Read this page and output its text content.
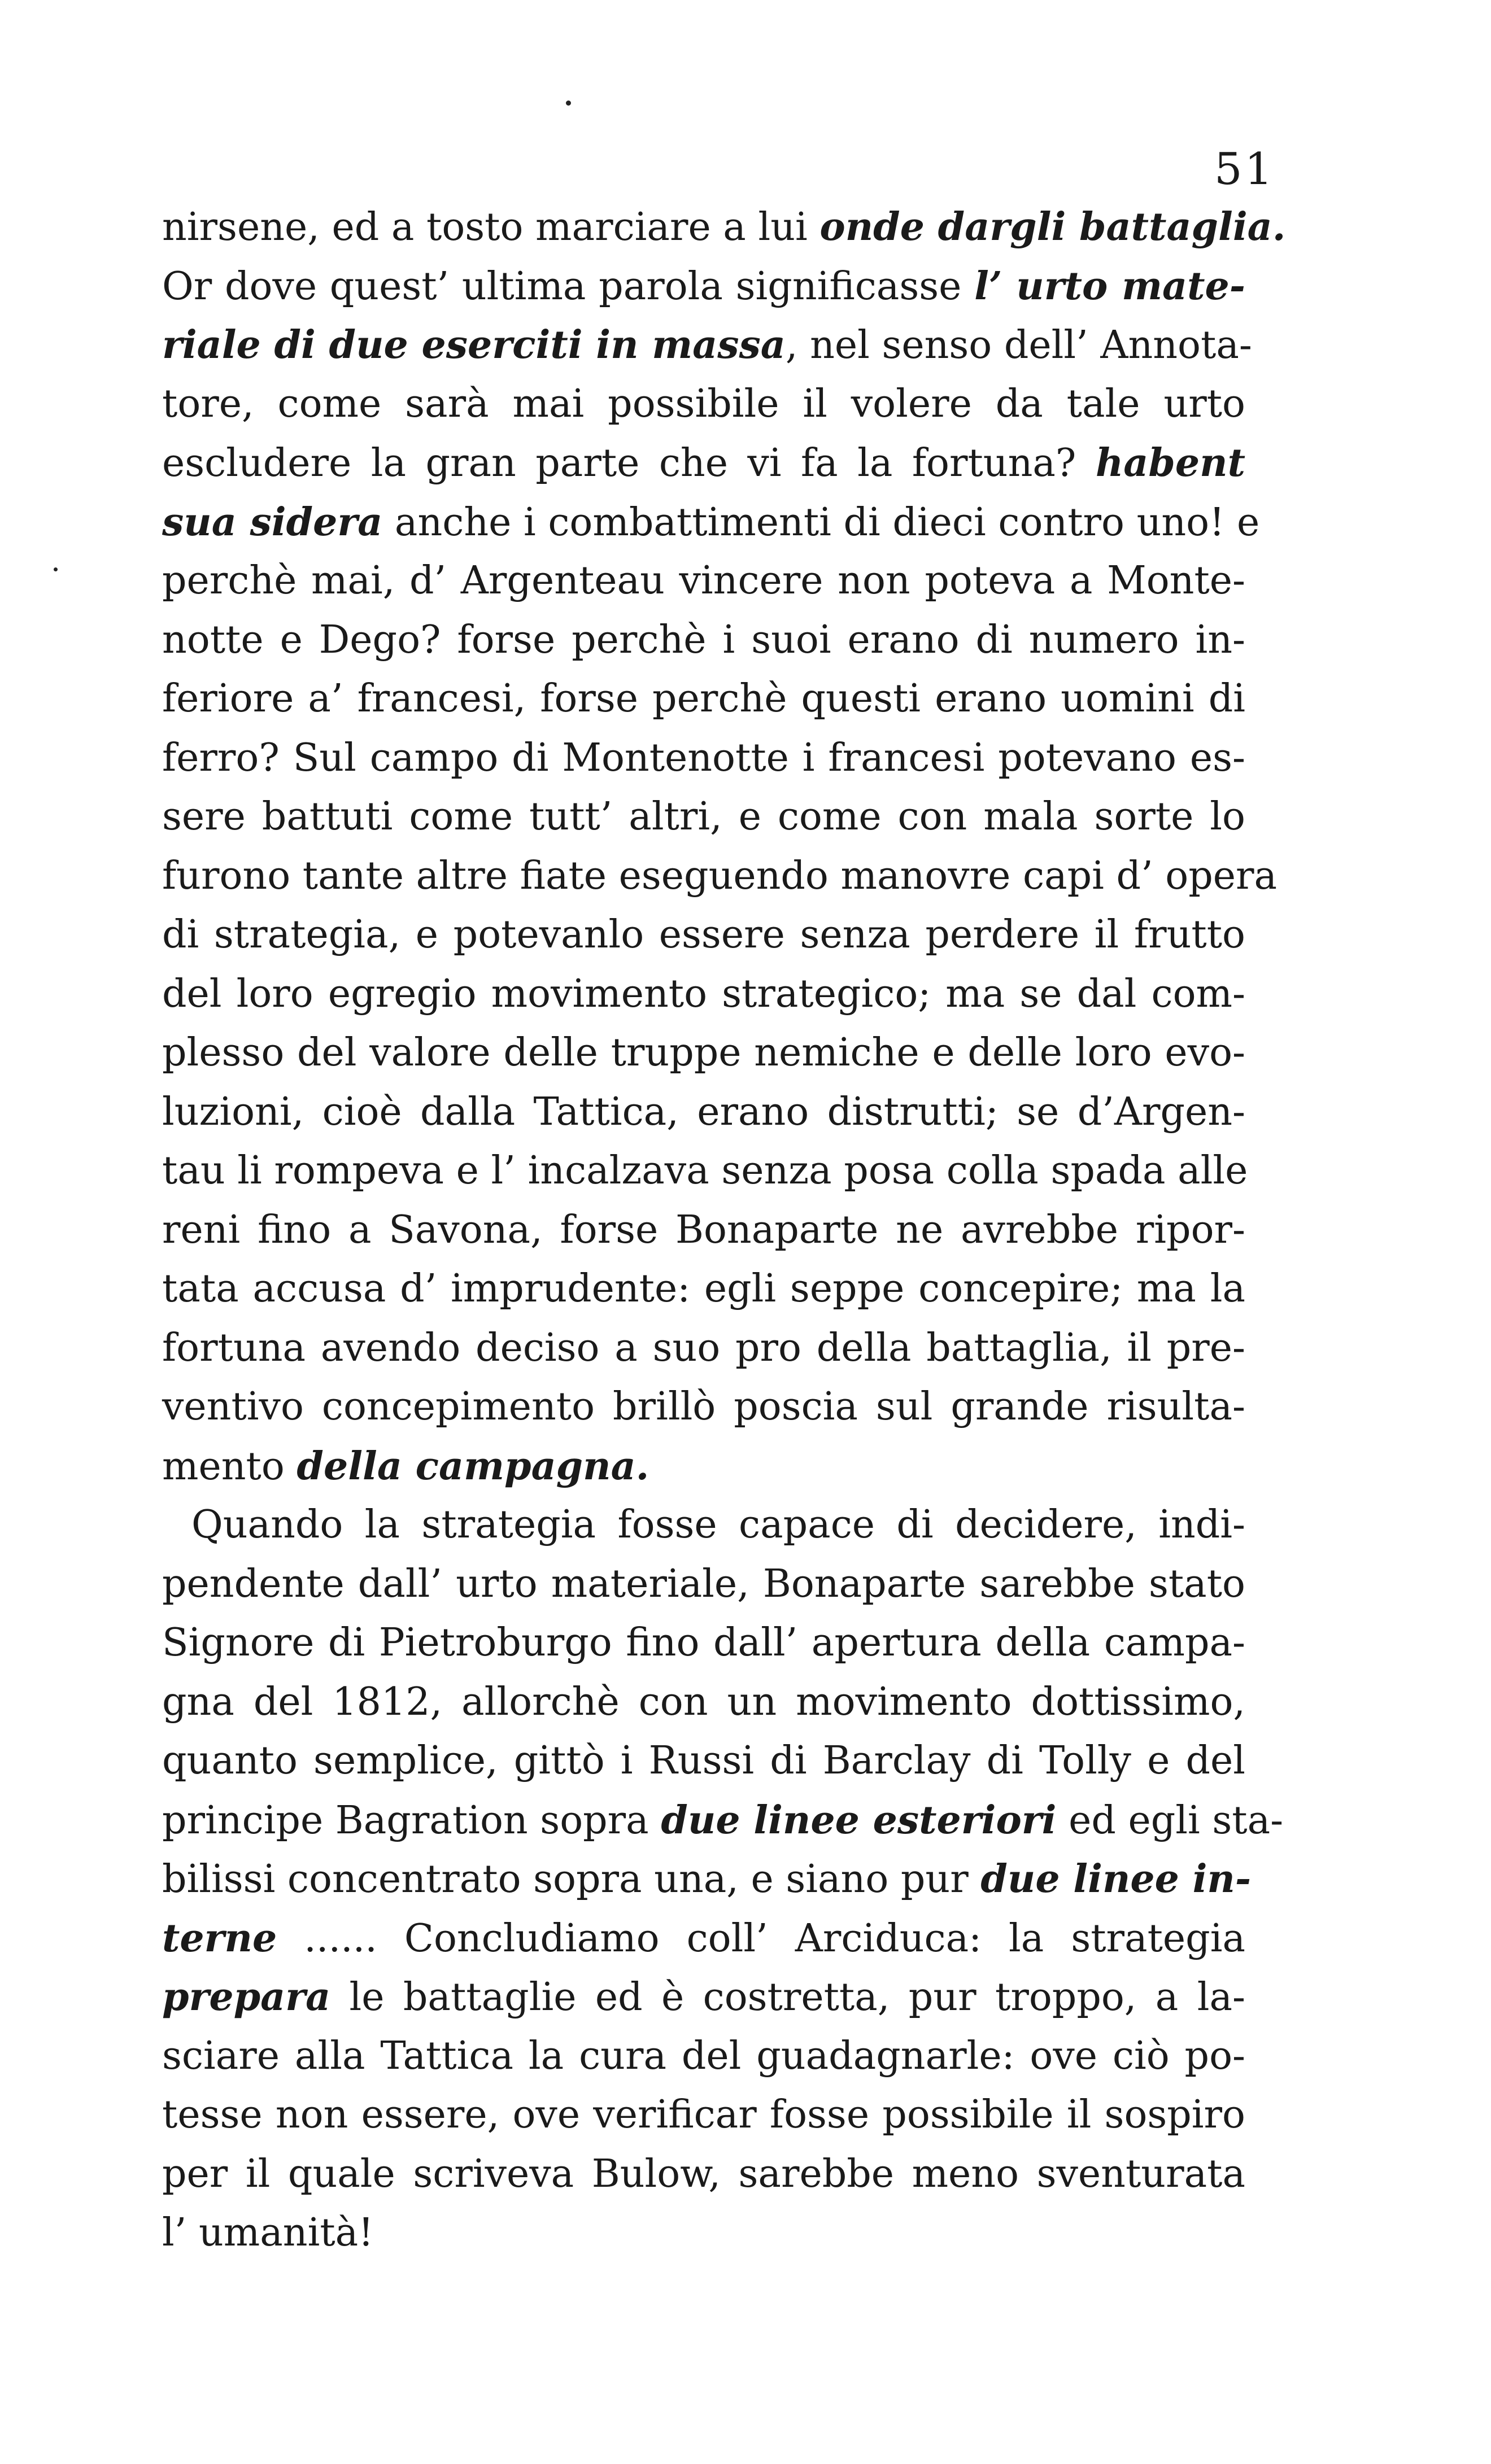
51
nirsene, ed a tosto marciare a lui onde dargli battaglia.
Or dove quest’ ultima parola significasse l’ urto mate-
riale di due eserciti in massa, nel senso dell’ Annota-
tore, come sarà mai possibile il volere da tale urto
escludere la gran parte che vi fa la fortuna? habent
sua sidera anche i combattimenti di dieci contro uno! e
perchè mai, d’ Argenteau vincere non poteva a Monte-
notte e Dego? forse perchè i suoi erano di numero in-
feriore a’ francesi, forse perchè questi erano uomini di
ferro? Sul campo di Montenotte i francesi potevano es-
sere battuti come tutt’ altri, e come con mala sorte lo
furono tante altre fiate eseguendo manovre capi d’ opera
di strategia, e potevanlo essere senza perdere il frutto
del loro egregio movimento strategico; ma se dal com-
plesso del valore delle truppe nemiche e delle loro evo-
luzioni, cioè dalla Tattica, erano distrutti; se d’Argen-
tau li rompeva e l’ incalzava senza posa colla spada alle
reni fino a Savona, forse Bonaparte ne avrebbe ripor-
tata accusa d’ imprudente: egli seppe concepire; ma la
fortuna avendo deciso a suo pro della battaglia, il pre-
ventivo concepimento brillò poscia sul grande risulta-
mento della campagna.
Quando la strategia fosse capace di decidere, indi-
pendente dall’ urto materiale, Bonaparte sarebbe stato
Signore di Pietroburgo fino dall’ apertura della campa-
gna del 1812, allorchè con un movimento dottissimo,
quanto semplice, gittò i Russi di Barclay di Tolly e del
principe Bagration sopra due linee esteriori ed egli sta-
bilissi concentrato sopra una, e siano pur due linee in-
terne ...... Concludiamo coll’ Arciduca: la strategia
prepara le battaglie ed è costretta, pur troppo, a la-
sciare alla Tattica la cura del guadagnarle: ove ciò po-
tesse non essere, ove verificar fosse possibile il sospiro
per il quale scriveva Bulow, sarebbe meno sventurata
l’ umanità!
